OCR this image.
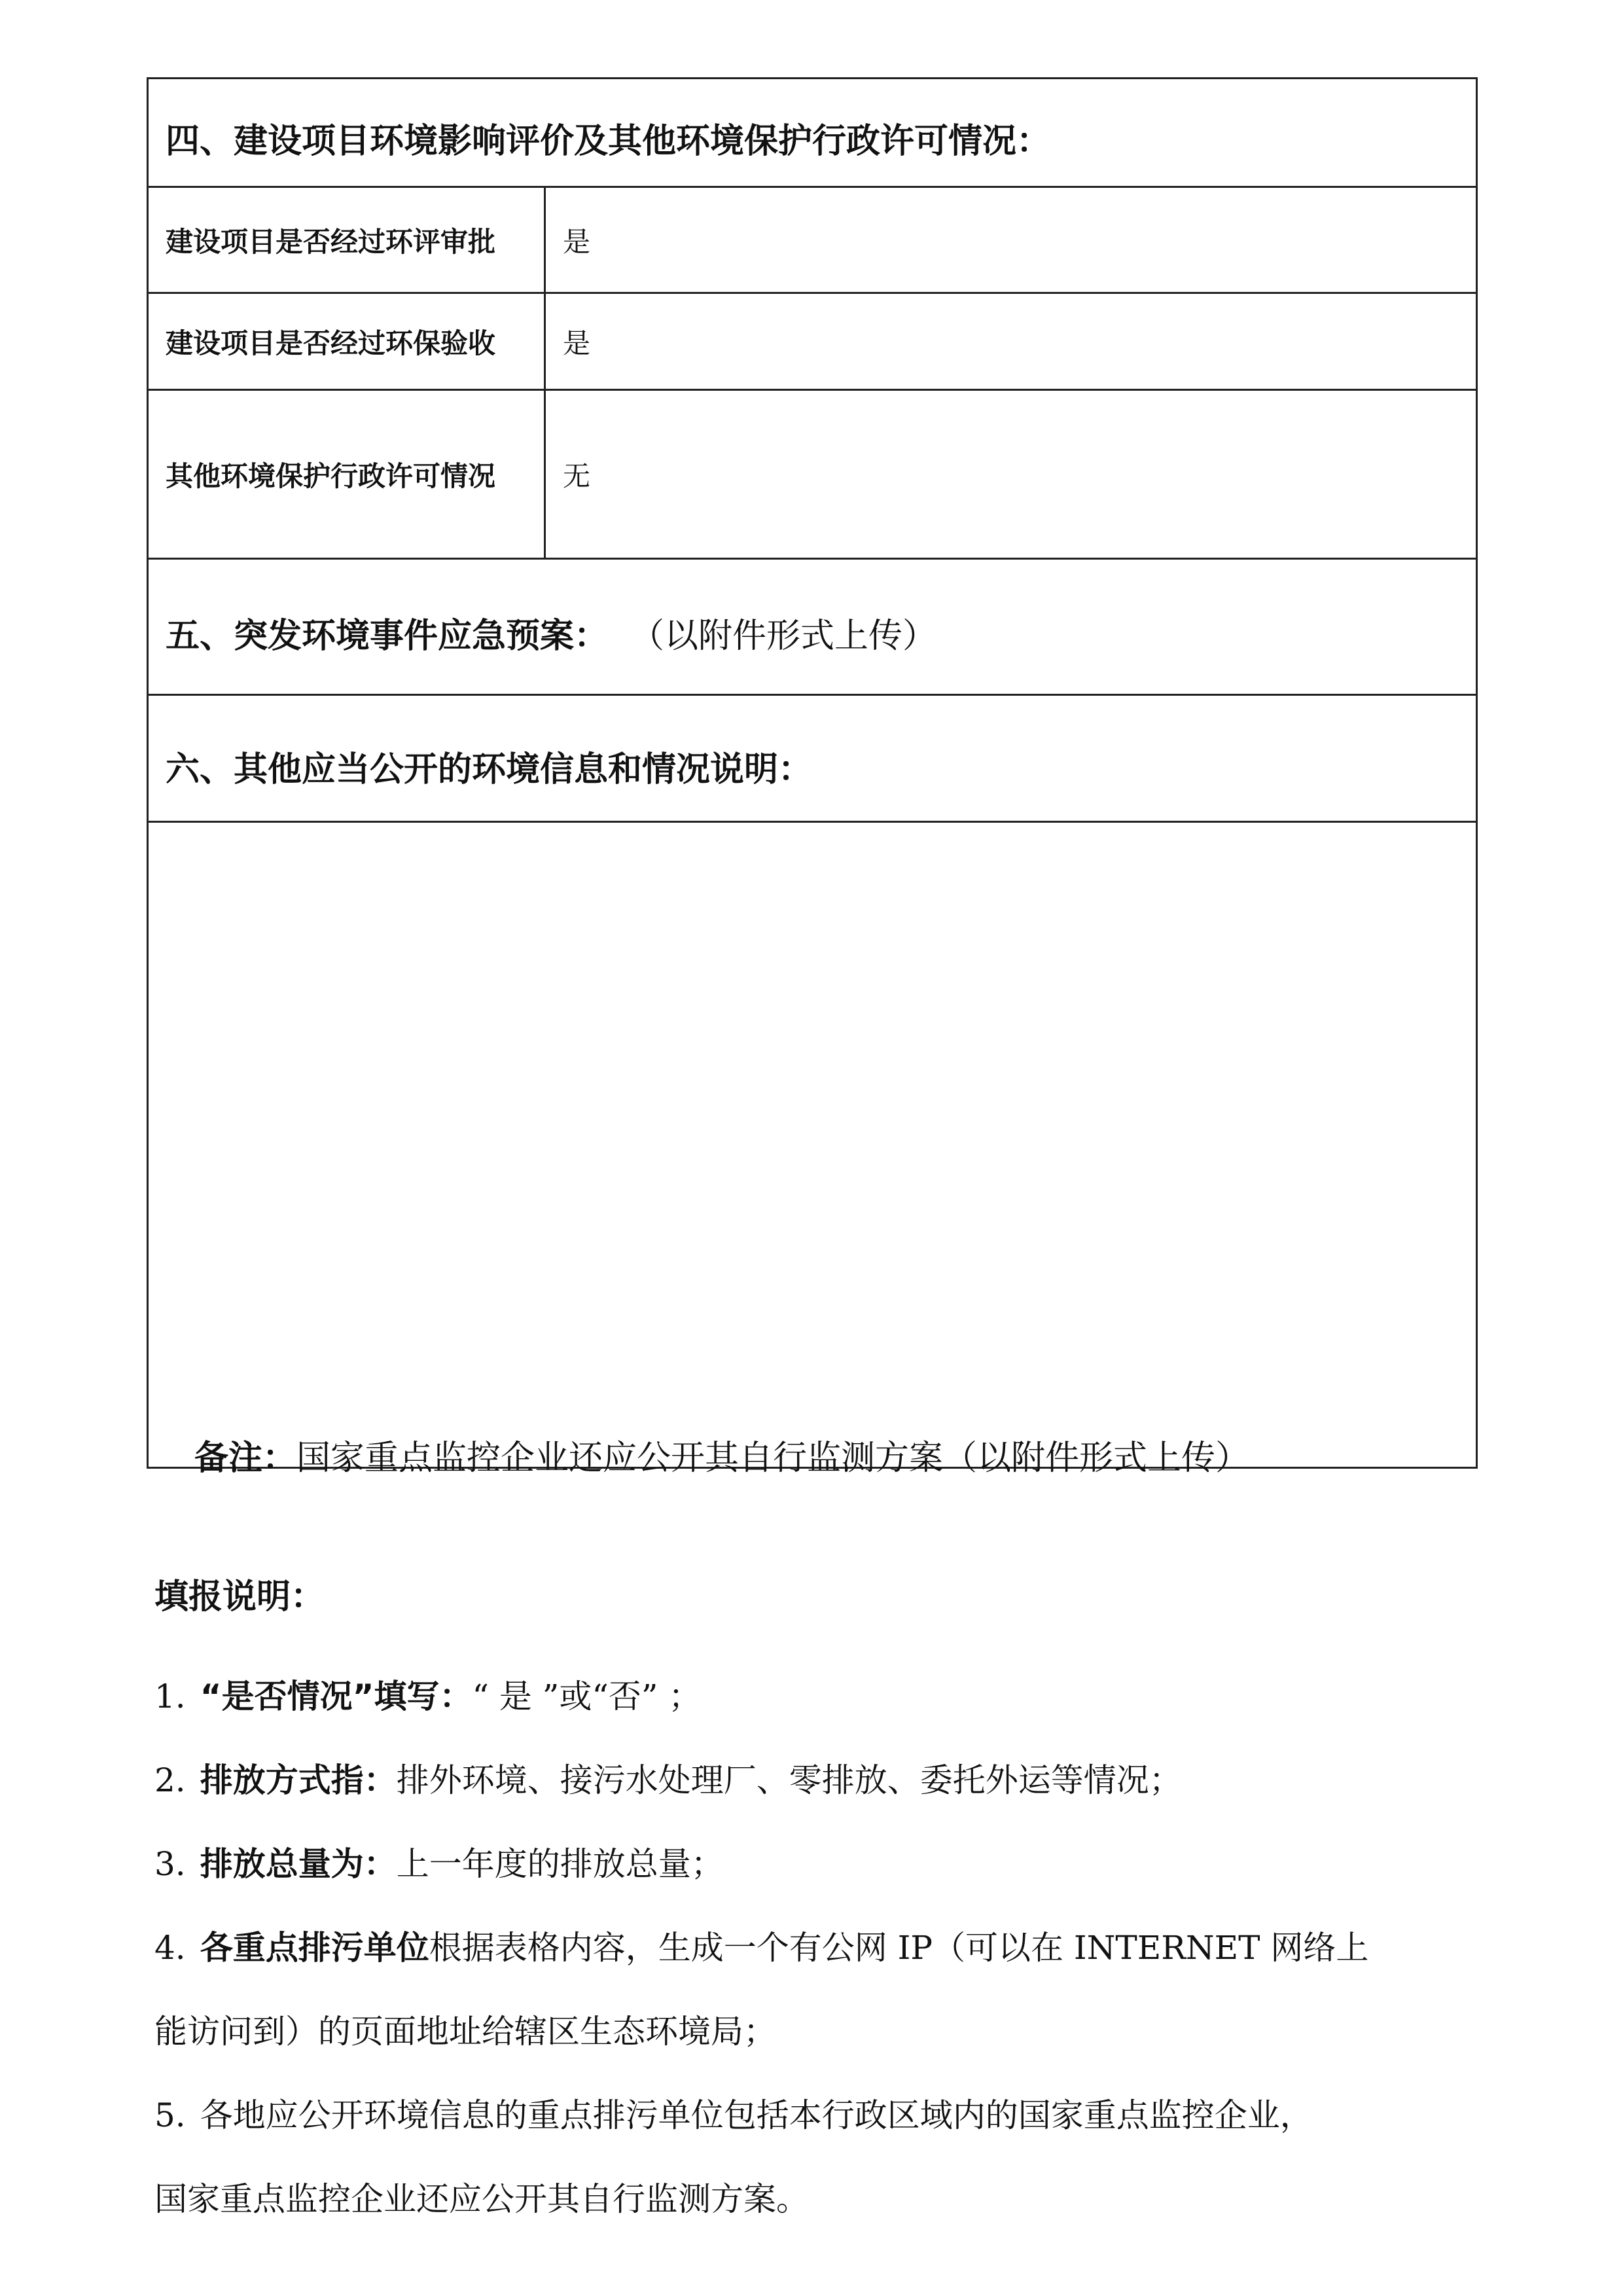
四、建设项目环境影响评价及其他环境保护行政许可情况：
建设项目是否经过环评审批	是
建设项目是否经过环保验收	是
其他环境保护行政许可情况	无
五、突发环境事件应急预案： （以附件形式上传）
六、其他应当公开的环境信息和情况说明：
备注：国家重点监控企业还应公开其自行监测方案（以附件形式上传）
填报说明：
1. “是否情况”填写：“ 是 ”或“否” ；
2. 排放方式指：排外环境、接污水处理厂、零排放、委托外运等情况；
3. 排放总量为：上一年度的排放总量；
4. 各重点排污单位根据表格内容，生成一个有公网 IP（可以在 INTERNET 网络上
能访问到）的页面地址给辖区生态环境局；
5. 各地应公开环境信息的重点排污单位包括本行政区域内的国家重点监控企业，
国家重点监控企业还应公开其自行监测方案。
